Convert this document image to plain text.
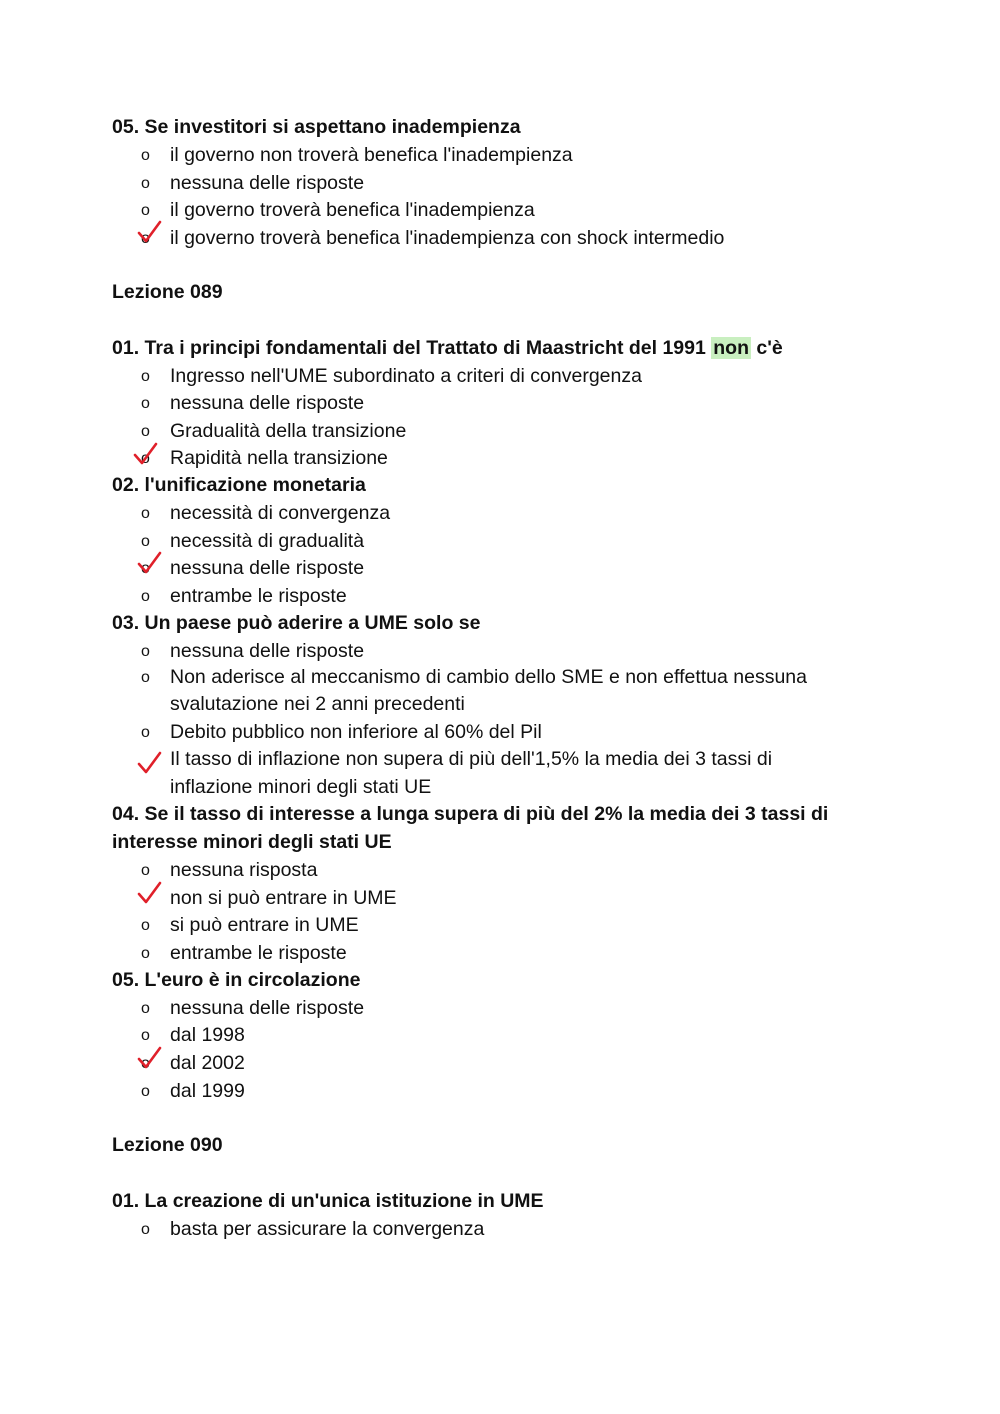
05. Se investitori si aspettano inadempienza
o il governo non troverà benefica l'inadempienza
o nessuna delle risposte
o il governo troverà benefica l'inadempienza
o il governo troverà benefica l'inadempienza con shock intermedio
Lezione 089
01. Tra i principi fondamentali del Trattato di Maastricht del 1991 non c'è
o Ingresso nell'UME subordinato a criteri di convergenza
o nessuna delle risposte
o Gradualità della transizione
o Rapidità nella transizione
02. l'unificazione monetaria
o necessità di convergenza
o necessità di gradualità
o nessuna delle risposte
o entrambe le risposte
03. Un paese può aderire a UME solo se
o nessuna delle risposte
o Non aderisce al meccanismo di cambio dello SME e non effettua nessuna
svalutazione nei 2 anni precedenti
o Debito pubblico non inferiore al 60% del Pil
Il tasso di inflazione non supera di più dell'1,5% la media dei 3 tassi di
inflazione minori degli stati UE
04. Se il tasso di interesse a lunga supera di più del 2% la media dei 3 tassi di
interesse minori degli stati UE
o nessuna risposta
non si può entrare in UME
o si può entrare in UME
o entrambe le risposte
05. L'euro è in circolazione
o nessuna delle risposte
o dal 1998
o dal 2002
o dal 1999
Lezione 090
01. La creazione di un'unica istituzione in UME
o basta per assicurare la convergenza
